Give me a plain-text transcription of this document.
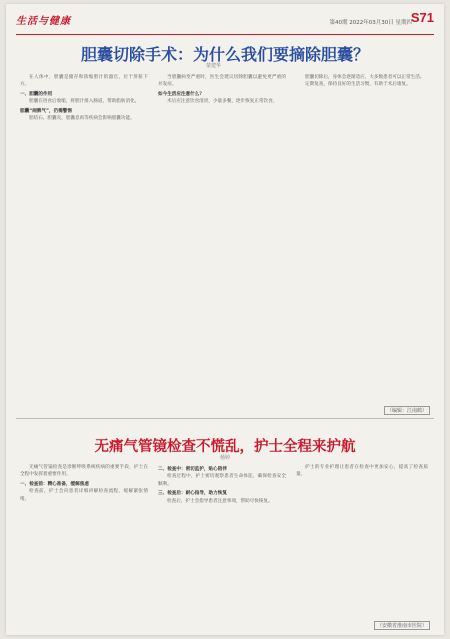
生活与健康	第40期 2022年03月30日 星期四
S71
胆囊切除手术：为什么我们要摘除胆囊？
蒙建华

在人体中，胆囊是储存和浓缩胆汁的器官，位于肝脏下方。

一、胆囊的作用

胆囊在进食后收缩，将胆汁排入肠道，帮助脂肪消化。

胆囊“闹脾气”，仍需警惕

胆结石、胆囊炎、胆囊息肉等疾病会影响胆囊功能。

当胆囊病变严重时，医生会建议切除胆囊以避免更严重的并发症。

如今生活应注意什么？

术后应注意饮食清淡，少量多餐，逐步恢复正常饮食。

胆囊切除后，身体会逐渐适应，大多数患者可以正常生活。

定期复查，保持良好的生活习惯，有助于术后康复。

（编辑：江南鹤）
无痛气管镜检查不慌乱，护士全程来护航
杨婷

无痛气管镜检查是诊断呼吸系统疾病的重要手段，护士在全程中发挥着重要作用。

一、检查前：精心准备，缓解焦虑

检查前，护士会向患者详细讲解检查流程，缓解紧张情绪。

二、检查中：密切监护，贴心陪伴

检查过程中，护士密切观察患者生命体征，确保检查安全顺利。

三、检查后：耐心指导，助力恢复

检查后，护士会指导患者注意事项，帮助尽快恢复。

护士的专业护理让患者在检查中更加安心，提高了检查质量。

（安徽省淮南市医院）
